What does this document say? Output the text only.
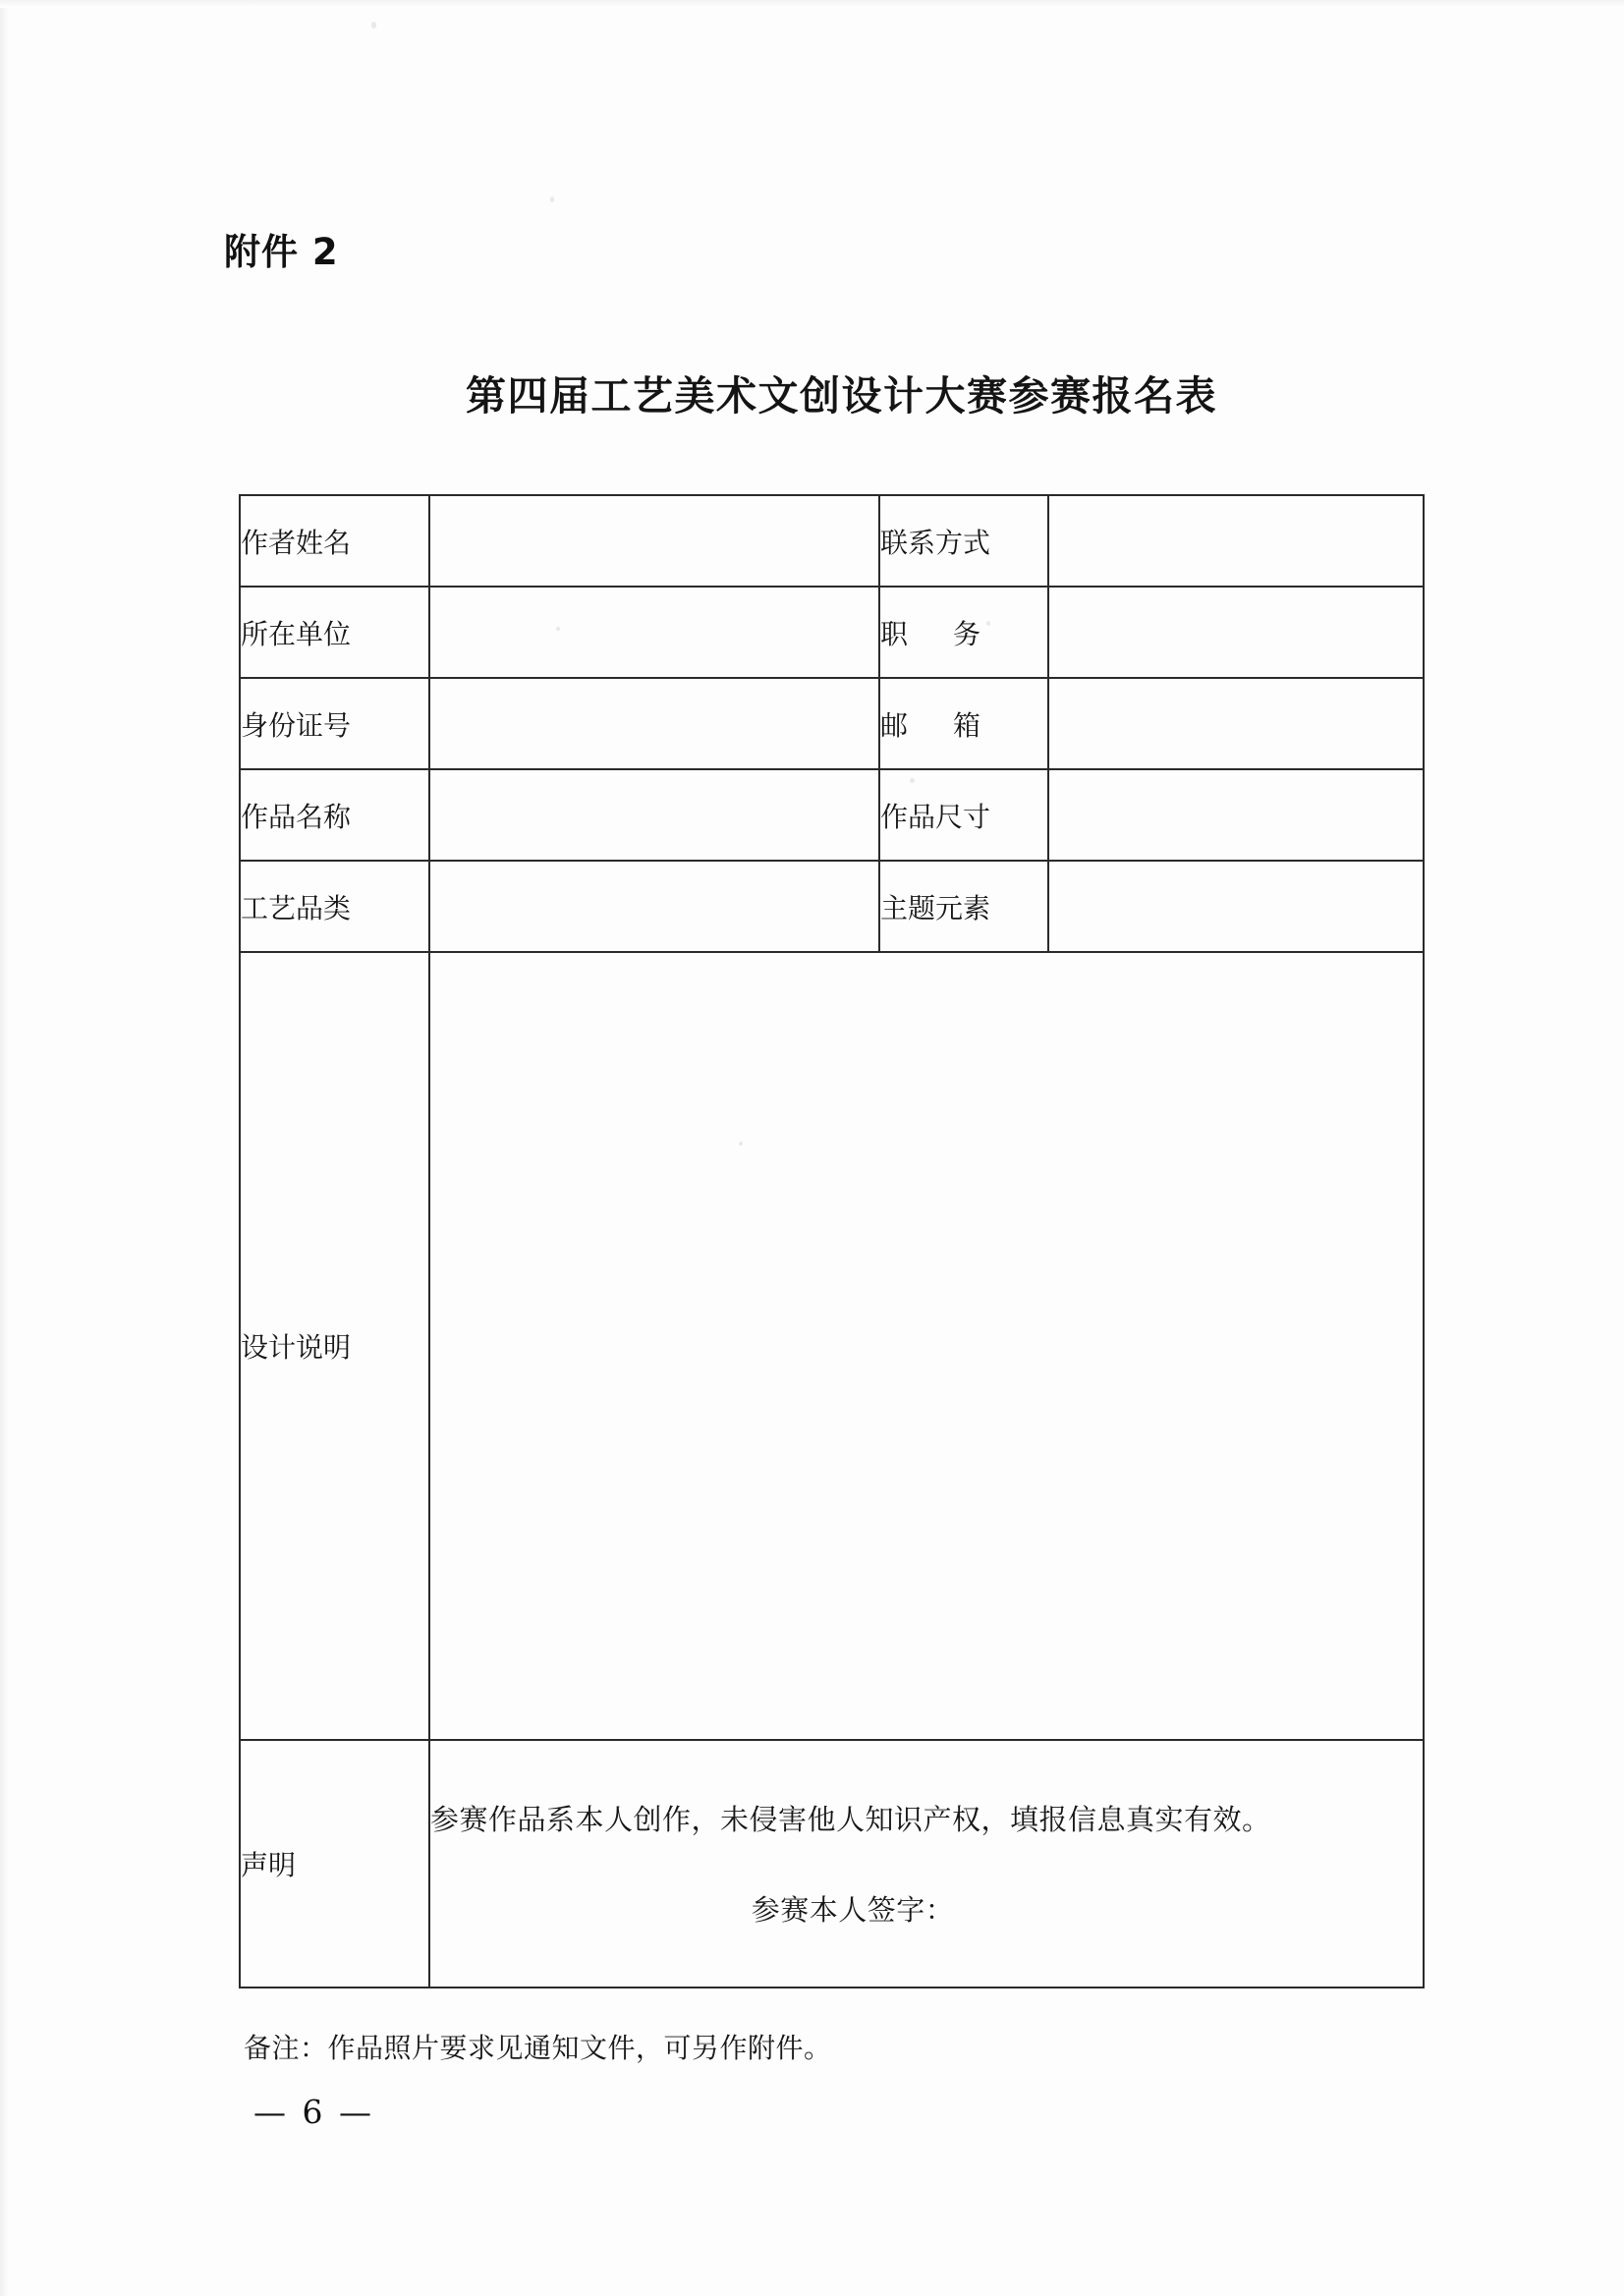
附件 2
第四届工艺美术文创设计大赛参赛报名表
作者姓名		联系方式	
所在单位		职 务	
身份证号		邮 箱	
作品名称		作品尺寸	
工艺品类		主题元素	
设计说明			
声明	参赛作品系本人创作，未侵害他人知识产权，填报信息真实有效。
参赛本人签字：		
备注：作品照片要求见通知文件，可另作附件。
— 6 —
